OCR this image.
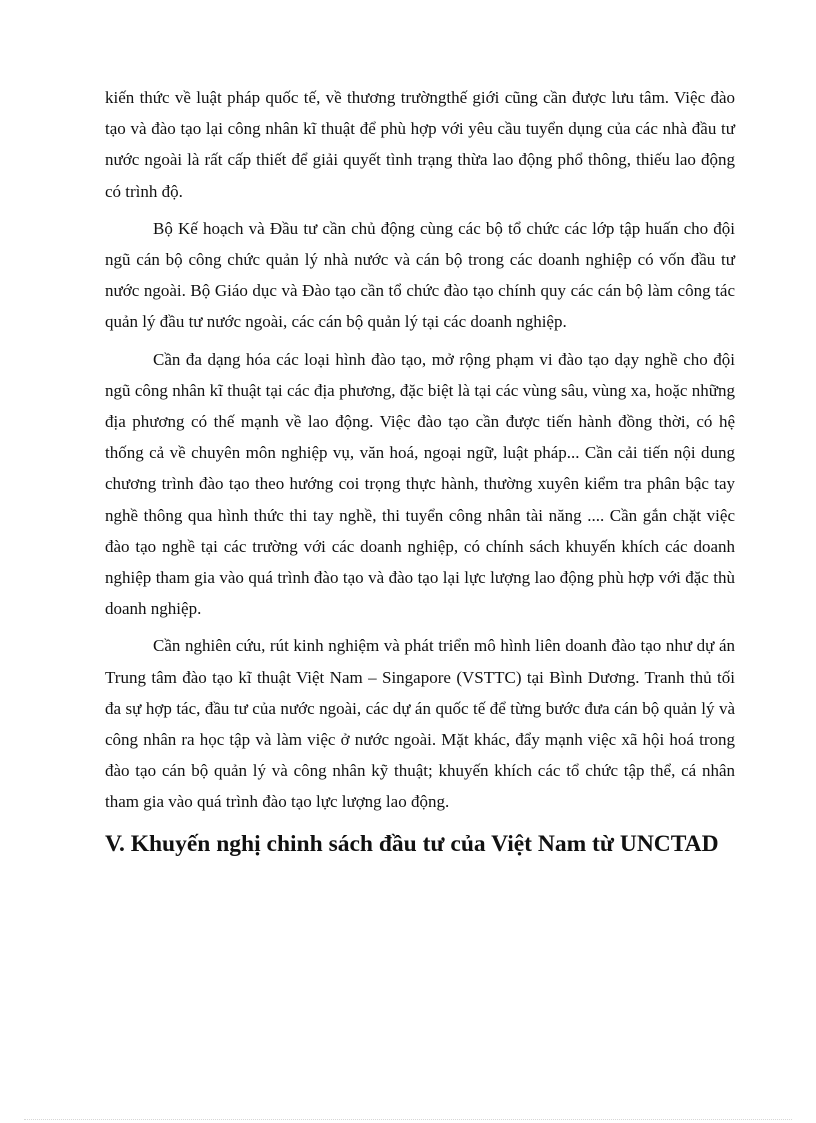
kiến thức về luật pháp quốc tế, về thương trườngthế giới cũng cần được lưu tâm. Việc đào tạo và đào tạo lại công nhân kĩ thuật để phù hợp với yêu cầu tuyển dụng của các nhà đầu tư nước ngoài là rất cấp thiết để giải quyết tình trạng thừa lao động phổ thông, thiếu lao động có trình độ.

Bộ Kế hoạch và Đầu tư cần chủ động cùng các bộ tổ chức các lớp tập huấn cho đội ngũ cán bộ công chức quản lý nhà nước và cán bộ trong các doanh nghiệp có vốn đầu tư nước ngoài. Bộ Giáo dục và Đào tạo cần tổ chức đào tạo chính quy các cán bộ làm công tác quản lý đầu tư nước ngoài, các cán bộ quản lý tại các doanh nghiệp.

Cần đa dạng hóa các loại hình đào tạo, mở rộng phạm vi đào tạo dạy nghề cho đội ngũ công nhân kĩ thuật tại các địa phương, đặc biệt là tại các vùng sâu, vùng xa, hoặc những địa phương có thế mạnh về lao động. Việc đào tạo cần được tiến hành đồng thời, có hệ thống cả về chuyên môn nghiệp vụ, văn hoá, ngoại ngữ, luật pháp... Cần cải tiến nội dung chương trình đào tạo theo hướng coi trọng thực hành, thường xuyên kiểm tra phân bậc tay nghề thông qua hình thức thi tay nghề, thi tuyển công nhân tài năng .... Cần gắn chặt việc đào tạo nghề tại các trường với các doanh nghiệp, có chính sách khuyến khích các doanh nghiệp tham gia vào quá trình đào tạo và đào tạo lại lực lượng lao động phù hợp với đặc thù doanh nghiệp.

Cần nghiên cứu, rút kinh nghiệm và phát triển mô hình liên doanh đào tạo như dự án Trung tâm đào tạo kĩ thuật Việt Nam – Singapore (VSTTC) tại Bình Dương. Tranh thủ tối đa sự hợp tác, đầu tư của nước ngoài, các dự án quốc tế để từng bước đưa cán bộ quản lý và công nhân ra học tập và làm việc ở nước ngoài. Mặt khác, đẩy mạnh việc xã hội hoá trong đào tạo cán bộ quản lý và công nhân kỹ thuật; khuyến khích các tổ chức tập thể, cá nhân tham gia vào quá trình đào tạo lực lượng lao động.

V. Khuyến nghị chinh sách đầu tư của Việt Nam từ UNCTAD
